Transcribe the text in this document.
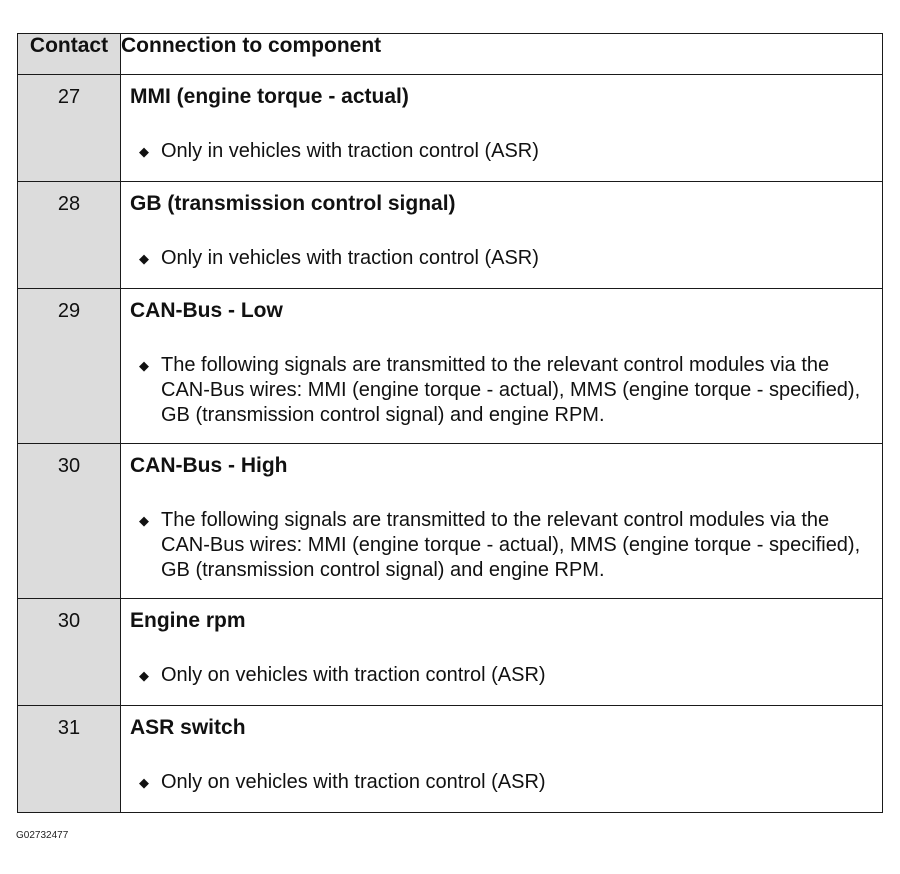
Contact	Connection to component
27	MMI (engine torque - actual)
◆ Only in vehicles with traction control (ASR)

28	GB (transmission control signal)
◆ Only in vehicles with traction control (ASR)

29	CAN-Bus - Low
◆ The following signals are transmitted to the relevant control modules via the CAN-Bus wires: MMI (engine torque - actual), MMS (engine torque - specified), GB (transmission control signal) and engine RPM.

30	CAN-Bus - High
◆ The following signals are transmitted to the relevant control modules via the CAN-Bus wires: MMI (engine torque - actual), MMS (engine torque - specified), GB (transmission control signal) and engine RPM.

30	Engine rpm
◆ Only on vehicles with traction control (ASR)

31	ASR switch
◆ Only on vehicles with traction control (ASR)
G02732477
